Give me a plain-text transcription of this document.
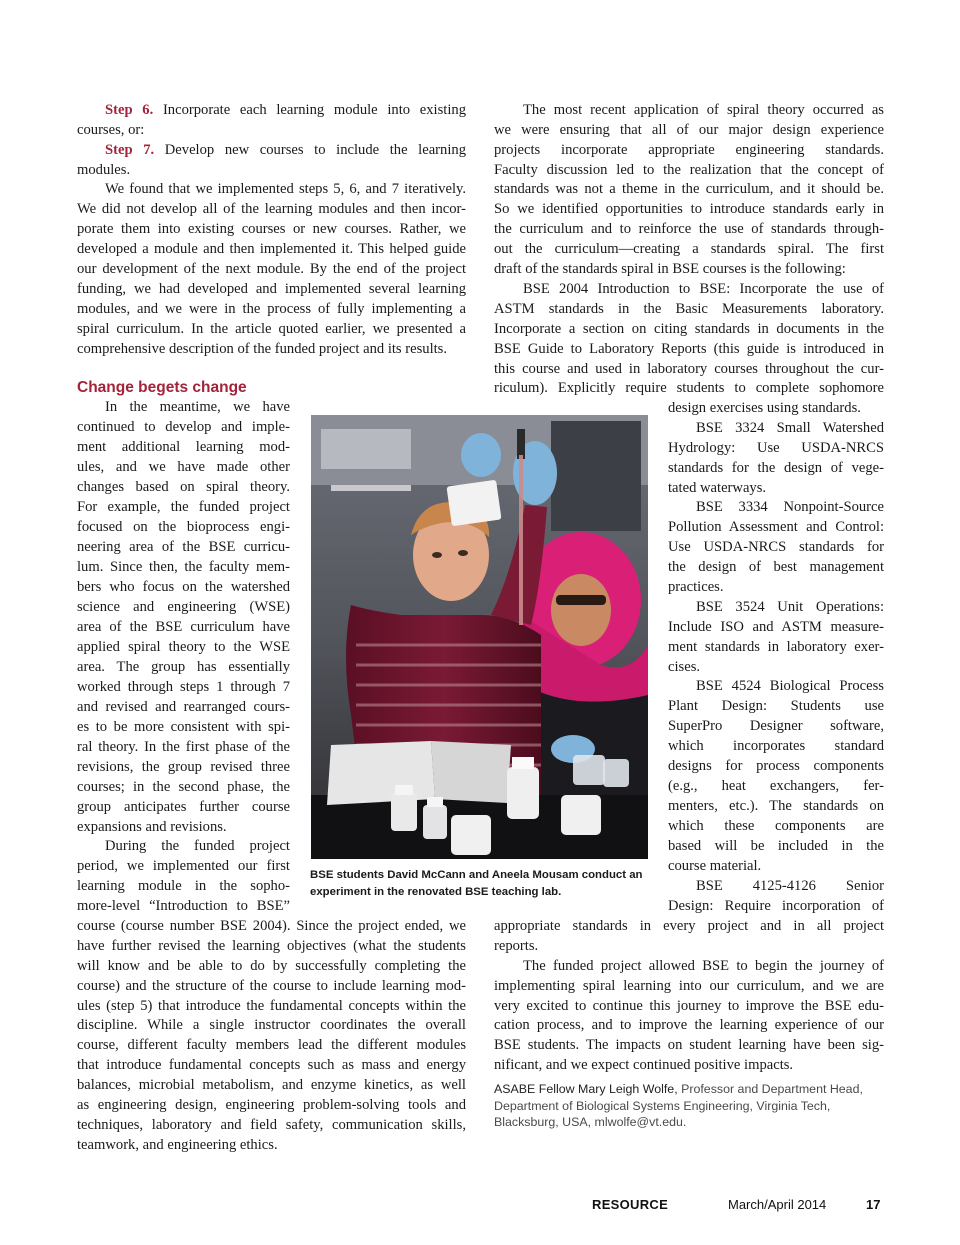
Step 6. Incorporate each learning module into existing

courses, or:

Step 7. Develop new courses to include the learning

modules.

We found that we implemented steps 5, 6, and 7 iteratively.

We did not develop all of the learning modules and then incor-

porate them into existing courses or new courses. Rather, we

developed a module and then implemented it. This helped guide

our development of the next module. By the end of the project

funding, we had developed and implemented several learning

modules, and we were in the process of fully implementing a

spiral curriculum. In the article quoted earlier, we presented a

comprehensive description of the funded project and its results.

Change begets change

In the meantime, we have

continued to develop and imple-

ment additional learning mod-

ules, and we have made other

changes based on spiral theory.

For example, the funded project

focused on the bioprocess engi-

neering area of the BSE curricu-

lum. Since then, the faculty mem-

bers who focus on the watershed

science and engineering (WSE)

area of the BSE curriculum have

applied spiral theory to the WSE

area. The group has essentially

worked through steps 1 through 7

and revised and rearranged cours-

es to be more consistent with spi-

ral theory. In the first phase of the

revisions, the group revised three

courses; in the second phase, the

group anticipates further course

expansions and revisions.

During the funded project

period, we implemented our first

learning module in the sopho-

more-level “Introduction to BSE”

course (course number BSE 2004). Since the project ended, we

have further revised the learning objectives (what the students

will know and be able to do by successfully completing the

course) and the structure of the course to include learning mod-

ules (step 5) that introduce the fundamental concepts within the

discipline. While a single instructor coordinates the overall

course, different faculty members lead the different modules

that introduce fundamental concepts such as mass and energy

balances, microbial metabolism, and enzyme kinetics, as well

as engineering design, engineering problem-solving tools and

techniques, laboratory and field safety, communication skills,

teamwork, and engineering ethics.

The most recent application of spiral theory occurred as

we were ensuring that all of our major design experience

projects incorporate appropriate engineering standards.

Faculty discussion led to the realization that the concept of

standards was not a theme in the curriculum, and it should be.

So we identified opportunities to introduce standards early in

the curriculum and to reinforce the use of standards through-

out the curriculum—creating a standards spiral. The first

draft of the standards spiral in BSE courses is the following:

BSE 2004 Introduction to BSE: Incorporate the use of

ASTM standards in the Basic Measurements laboratory.

Incorporate a section on citing standards in documents in the

BSE Guide to Laboratory Reports (this guide is introduced in

this course and used in laboratory courses throughout the cur-

riculum). Explicitly require students to complete sophomore

design exercises using standards.

BSE 3324 Small Watershed

Hydrology: Use USDA-NRCS

standards for the design of vege-

tated waterways.

BSE 3334 Nonpoint-Source

Pollution Assessment and Control:

Use USDA-NRCS standards for

the design of best management

practices.

BSE 3524 Unit Operations:

Include ISO and ASTM measure-

ment standards in laboratory exer-

cises.

BSE 4524 Biological Process

Plant Design: Students use

SuperPro Designer software,

which incorporates standard

designs for process components

(e.g., heat exchangers, fer-

menters, etc.). The standards on

which these components are

based will be included in the

course material.

BSE 4125-4126 Senior

Design: Require incorporation of

appropriate standards in every project and in all project

reports.

The funded project allowed BSE to begin the journey of

implementing spiral learning into our curriculum, and we are

very excited to continue this journey to improve the BSE edu-

cation process, and to improve the learning experience of our

BSE students. The impacts on student learning have been sig-

nificant, and we expect continued positive impacts.

ASABE Fellow Mary Leigh Wolfe, Professor and Department Head,
Department of Biological Systems Engineering, Virginia Tech,
Blacksburg, USA, mlwolfe@vt.edu.
BSE students David McCann and Aneela Mousam conduct an
experiment in the renovated BSE teaching lab.

RESOURCE	March/April 2014	17
